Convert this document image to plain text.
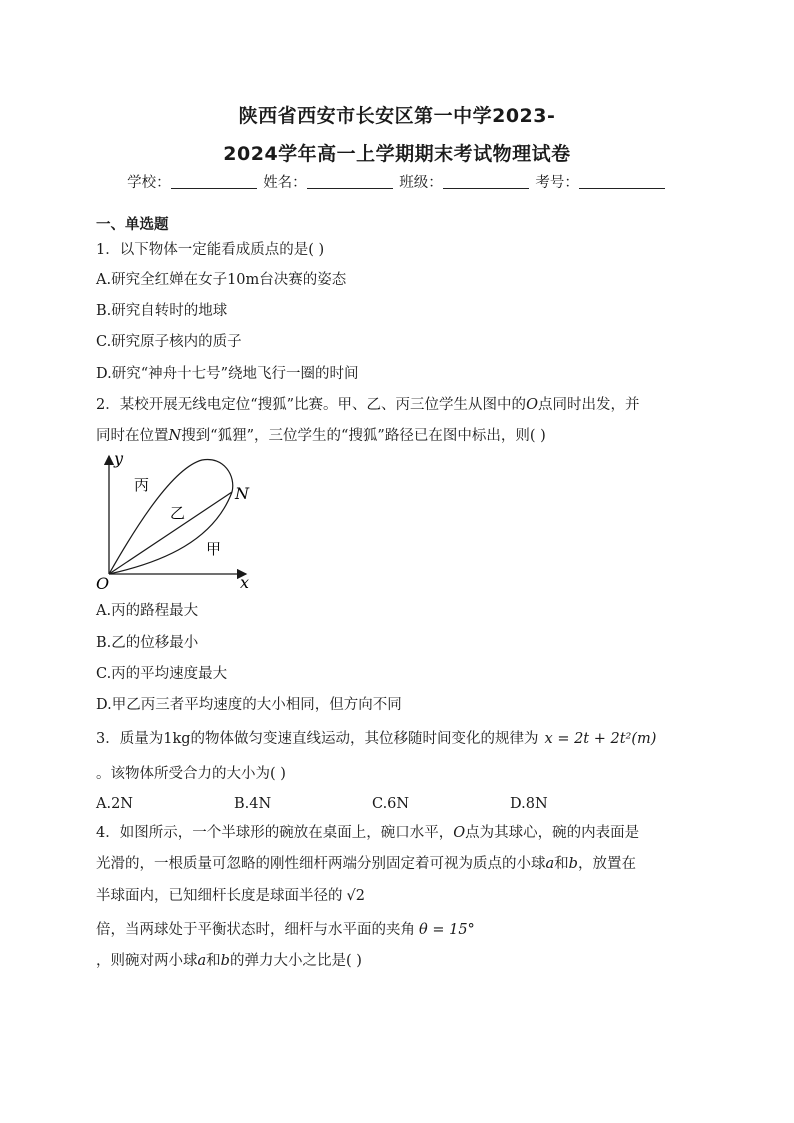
陕西省西安市长安区第一中学2023-
2024学年高一上学期期末考试物理试卷
学校：	姓名：	班级：	考号：
一、单选题
1．以下物体一定能看成质点的是( )
A.研究全红婵在女子10m台决赛的姿态
B.研究自转时的地球
C.研究原子核内的质子
D.研究“神舟十七号”绕地飞行一圈的时间
2．某校开展无线电定位“搜狐”比赛。甲、乙、丙三位学生从图中的O点同时出发，并
同时在位置N搜到“狐狸”，三位学生的“搜狐”路径已在图中标出，则( )
y
x
O
N
丙
乙
甲
A.丙的路程最大
B.乙的位移最小
C.丙的平均速度最大
D.甲乙丙三者平均速度的大小相同，但方向不同
3．质量为1kg的物体做匀变速直线运动，其位移随时间变化的规律为 x = 2t + 2t²(m)
。该物体所受合力的大小为( )
A.2N	B.4N	C.6N	D.8N
4．如图所示，一个半球形的碗放在桌面上，碗口水平，O点为其球心，碗的内表面是
光滑的，一根质量可忽略的刚性细杆两端分别固定着可视为质点的小球a和b，放置在
半球面内，已知细杆长度是球面半径的 √2
倍，当两球处于平衡状态时，细杆与水平面的夹角 θ = 15°
，则碗对两小球a和b的弹力大小之比是( )
